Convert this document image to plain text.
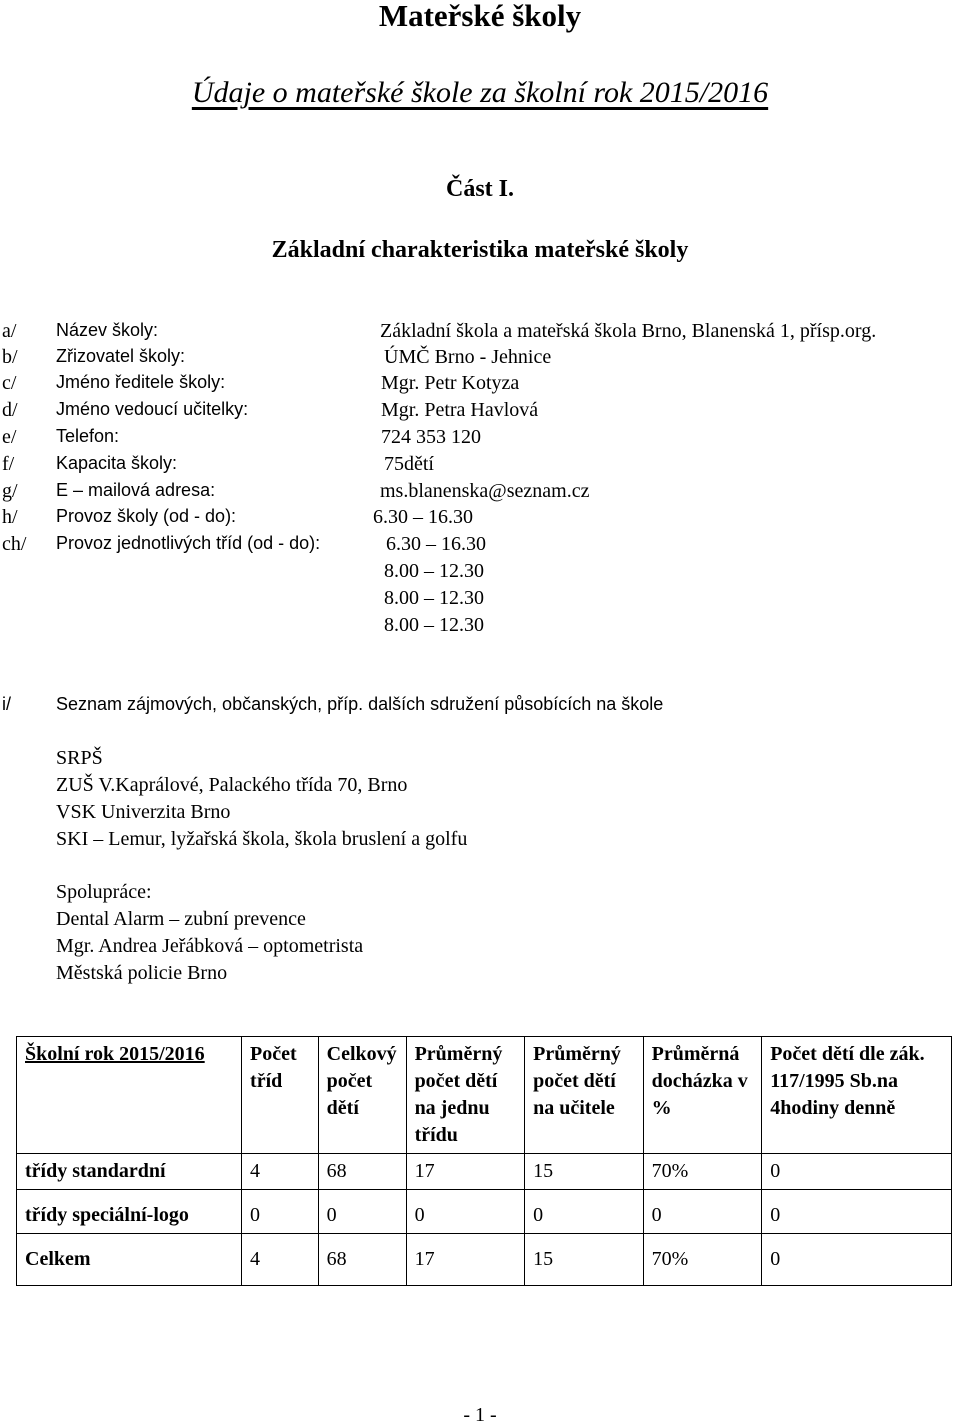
Mateřské školy
Údaje o mateřské škole za školní rok 2015/2016
Část I.
Základní charakteristika mateřské školy
a/ Název školy:	Základní škola a mateřská škola Brno, Blanenská 1, přísp.org.
b/ Zřizovatel školy:	ÚMČ Brno - Jehnice
c/ Jméno ředitele školy:	Mgr. Petr Kotyza
d/ Jméno vedoucí učitelky:	Mgr. Petra Havlová
e/ Telefon:	724 353 120
f/ Kapacita školy:	75dětí
g/ E – mailová adresa:	ms.blanenska@seznam.cz
h/ Provoz školy (od - do):	6.30 – 16.30
ch/ Provoz jednotlivých tříd (od - do):	6.30 – 16.30
8.00 – 12.30
8.00 – 12.30
8.00 – 12.30
i/	Seznam zájmových, občanských, příp. dalších sdružení působících na škole
SRPŠ
ZUŠ V.Kaprálové, Palackého třída 70, Brno
VSK Univerzita Brno
SKI – Lemur, lyžařská škola, škola bruslení a golfu
Spolupráce:
Dental Alarm – zubní prevence
Mgr. Andrea Jeřábková – optometrista
Městská policie Brno
Školní rok 2015/2016	Počet tříd	Celkový počet dětí	Průměrný počet dětí na jednu třídu	Průměrný počet dětí na učitele	Průměrná docházka v %	Počet dětí dle zák. 117/1995 Sb.na 4hodiny denně
třídy standardní	4	68	17	15	70%	0
třídy speciální-logo	0	0	0	0	0	0
Celkem	4	68	17	15	70%	0
- 1 -
